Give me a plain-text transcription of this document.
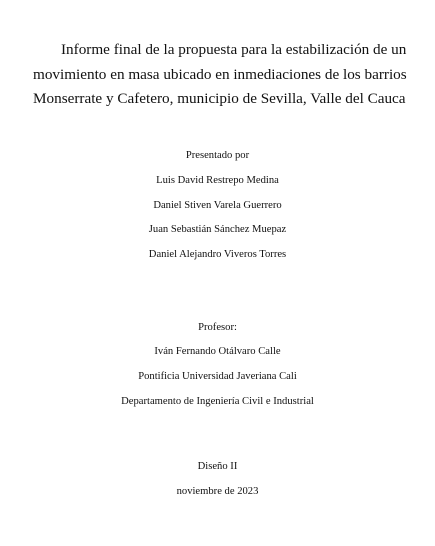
Informe final de la propuesta para la estabilización de un
movimiento en masa ubicado en inmediaciones de los barrios
Monserrate y Cafetero, municipio de Sevilla, Valle del Cauca

Presentado por

Luis David Restrepo Medina

Daniel Stiven Varela Guerrero

Juan Sebastián Sánchez Muepaz

Daniel Alejandro Viveros Torres

Profesor:

Iván Fernando Otálvaro Calle

Pontificia Universidad Javeriana Cali

Departamento de Ingeniería Civil e Industrial

Diseño II

noviembre de 2023
